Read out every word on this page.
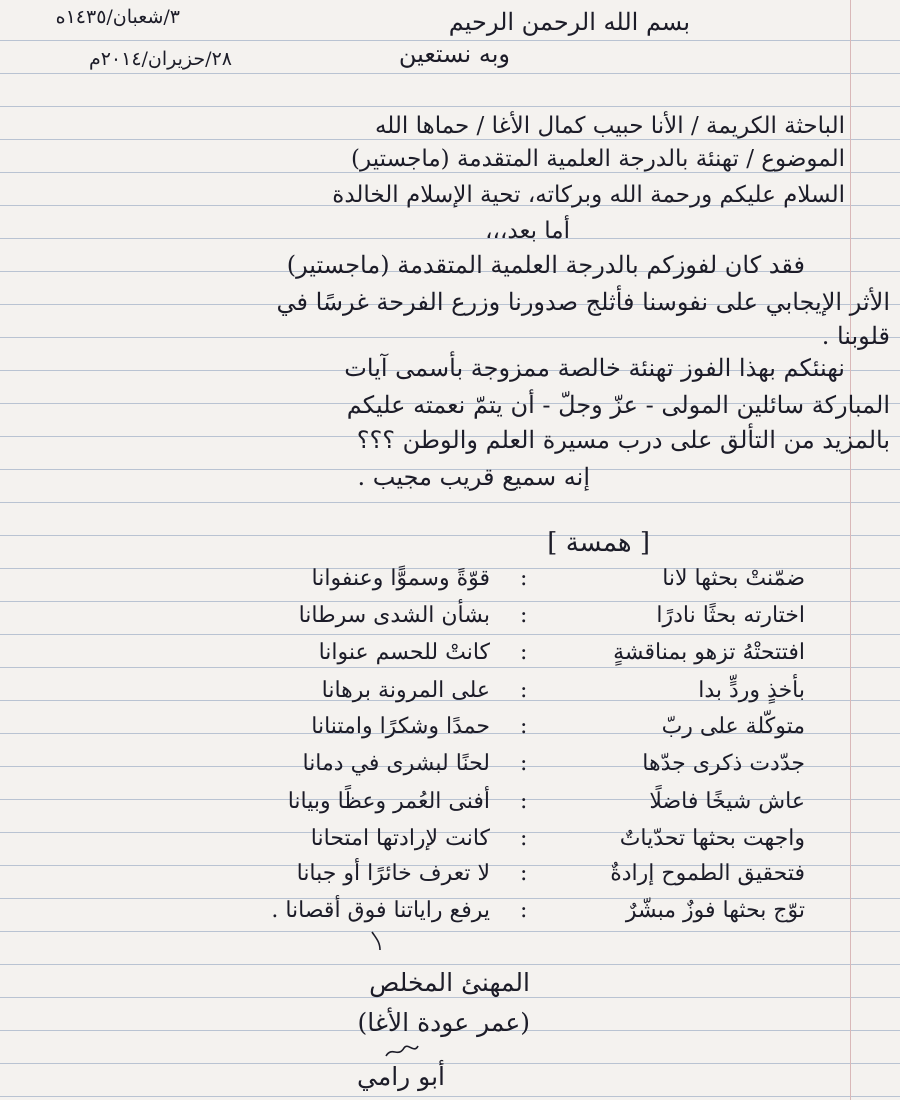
٣/شعبان/١٤٣٥ه
٢٨/حزيران/٢٠١٤م
بسم الله الرحمن الرحيم
وبه نستعين
الباحثة الكريمة / الأنا حبيب كمال الأغا / حماها الله
الموضوع / تهنئة بالدرجة العلمية المتقدمة (ماجستير)
السلام عليكم ورحمة الله وبركاته، تحية الإسلام الخالدة
أما بعد،،،
فقد كان لفوزكم بالدرجة العلمية المتقدمة (ماجستير)
الأثر الإيجابي على نفوسنا فأثلج صدورنا وزرع الفرحة غرسًا في
قلوبنا .
نهنئكم بهذا الفوز تهنئة خالصة ممزوجة بأسمى آيات
المباركة سائلين المولى - عزّ وجلّ - أن يتمّ نعمته عليكم
بالمزيد من التألق على درب مسيرة العلم والوطن ؟؟؟
إنه سميع قريب مجيب .
[ همسة ]
ضمّنتْ بحثها لانا
:
قوّةً وسموًّا وعنفوانا
اختارته بحثًا نادرًا
:
بشأن الشدى سرطانا
افتتحتْهُ تزهو بمناقشةٍ
:
كانتْ للحسم عنوانا
بأخذٍ وردٍّ بدا
:
على المرونة برهانا
متوكّلة على ربّ
:
حمدًا وشكرًا وامتنانا
جدّدت ذكرى جدّها
:
لحنًا لبشرى في دمانا
عاش شيخًا فاضلًا
:
أفنى العُمر وعظًا وبيانا
واجهت بحثها تحدّياتٌ
:
كانت لإرادتها امتحانا
فتحقيق الطموح إرادةٌ
:
لا تعرف خائرًا أو جبانا
توّج بحثها فوزٌ مبشّرٌ
:
يرفع راياتنا فوق أقصانا .
المهنئ المخلص
(عمر عودة الأغا)
أبو رامي
